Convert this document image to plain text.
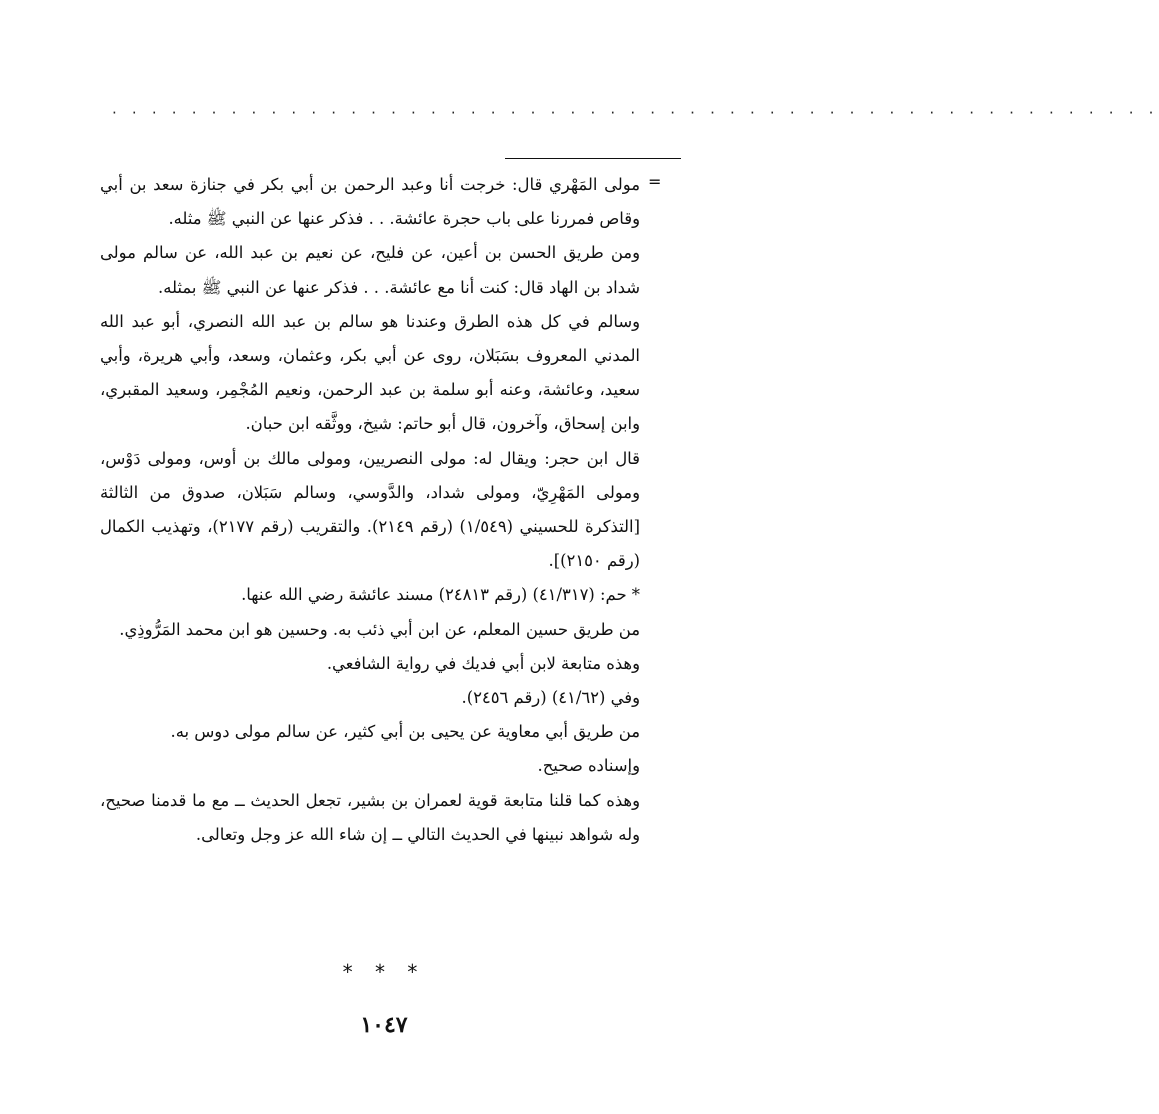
· · · · · · · · · · · · · · · · · · · · · · · · · · · · · · · · · · · · · · · · · · · · · · · · · · · · ·
=

مولى المَهْري قال: خرجت أنا وعبد الرحمن بن أبي بكر في جنازة سعد بن أبي وقاص فمررنا على باب حجرة عائشة. . . فذكر عنها عن النبي ﷺ مثله.

ومن طريق الحسن بن أعين، عن فليح، عن نعيم بن عبد الله، عن سالم مولى شداد بن الهاد قال: كنت أنا مع عائشة. . . فذكر عنها عن النبي ﷺ بمثله.

وسالم في كل هذه الطرق وعندنا هو سالم بن عبد الله النصري، أبو عبد الله المدني المعروف بسَبَلان، روى عن أبي بكر، وعثمان، وسعد، وأبي هريرة، وأبي سعيد، وعائشة، وعنه أبو سلمة بن عبد الرحمن، ونعيم المُجْمِر، وسعيد المقبري، وابن إسحاق، وآخرون، قال أبو حاتم: شيخ، ووثَّقه ابن حبان.

قال ابن حجر: ويقال له: مولى النصريين، ومولى مالك بن أوس، ومولى دَوْس، ومولى المَهْرِيّ، ومولى شداد، والدَّوسي، وسالم سَبَلان، صدوق من الثالثة [التذكرة للحسيني (١/٥٤٩) (رقم ٢١٤٩). والتقريب (رقم ٢١٧٧)، وتهذيب الكمال (رقم ٢١٥٠)].

* حم: (٤١/٣١٧) (رقم ٢٤٨١٣) مسند عائشة رضي الله عنها.

من طريق حسين المعلم، عن ابن أبي ذئب به. وحسين هو ابن محمد المَرُّوذِي.

وهذه متابعة لابن أبي فديك في رواية الشافعي.

وفي (٤١/٦٢) (رقم ٢٤٥٦).

من طريق أبي معاوية عن يحيى بن أبي كثير، عن سالم مولى دوس به.

وإسناده صحيح.

وهذه كما قلنا متابعة قوية لعمران بن بشير، تجعل الحديث ــ مع ما قدمنا صحيح، وله شواهد نبينها في الحديث التالي ــ إن شاء الله عز وجل وتعالى.

* * *
١٠٤٧
